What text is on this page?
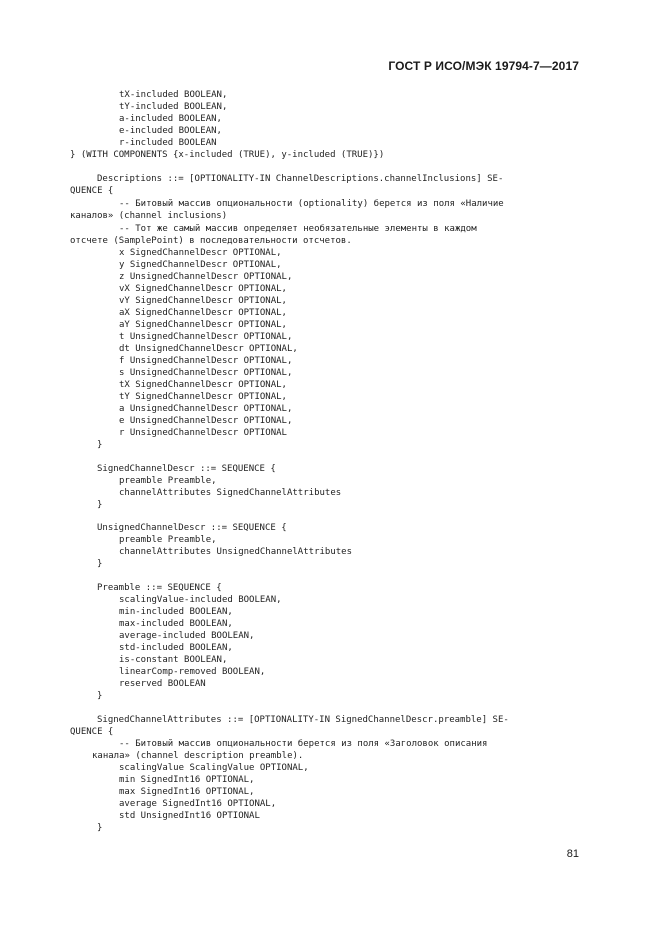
ГОСТ Р ИСО/МЭК 19794-7—2017

tX-included BOOLEAN,

tY-included BOOLEAN,

a-included BOOLEAN,

e-included BOOLEAN,

r-included BOOLEAN

} (WITH COMPONENTS {x-included (TRUE), y-included (TRUE)})

Descriptions ::= [OPTIONALITY-IN ChannelDescriptions.channelInclusions] SE-

QUENCE {

-- Битовый массив опциональности (optionality) берется из поля «Наличие

каналов» (channel inclusions)

-- Тот же самый массив определяет необязательные элементы в каждом

отсчете (SamplePoint) в последовательности отсчетов.

x SignedChannelDescr OPTIONAL,

y SignedChannelDescr OPTIONAL,

z UnsignedChannelDescr OPTIONAL,

vX SignedChannelDescr OPTIONAL,

vY SignedChannelDescr OPTIONAL,

aX SignedChannelDescr OPTIONAL,

aY SignedChannelDescr OPTIONAL,

t UnsignedChannelDescr OPTIONAL,

dt UnsignedChannelDescr OPTIONAL,

f UnsignedChannelDescr OPTIONAL,

s UnsignedChannelDescr OPTIONAL,

tX SignedChannelDescr OPTIONAL,

tY SignedChannelDescr OPTIONAL,

a UnsignedChannelDescr OPTIONAL,

e UnsignedChannelDescr OPTIONAL,

r UnsignedChannelDescr OPTIONAL

}

SignedChannelDescr ::= SEQUENCE {

preamble Preamble,

channelAttributes SignedChannelAttributes

}

UnsignedChannelDescr ::= SEQUENCE {

preamble Preamble,

channelAttributes UnsignedChannelAttributes

}

Preamble ::= SEQUENCE {

scalingValue-included BOOLEAN,

min-included BOOLEAN,

max-included BOOLEAN,

average-included BOOLEAN,

std-included BOOLEAN,

is-constant BOOLEAN,

linearComp-removed BOOLEAN,

reserved BOOLEAN

}

SignedChannelAttributes ::= [OPTIONALITY-IN SignedChannelDescr.preamble] SE-

QUENCE {

-- Битовый массив опциональности берется из поля «Заголовок описания

канала» (channel description preamble).

scalingValue ScalingValue OPTIONAL,

min SignedInt16 OPTIONAL,

max SignedInt16 OPTIONAL,

average SignedInt16 OPTIONAL,

std UnsignedInt16 OPTIONAL

}

81
